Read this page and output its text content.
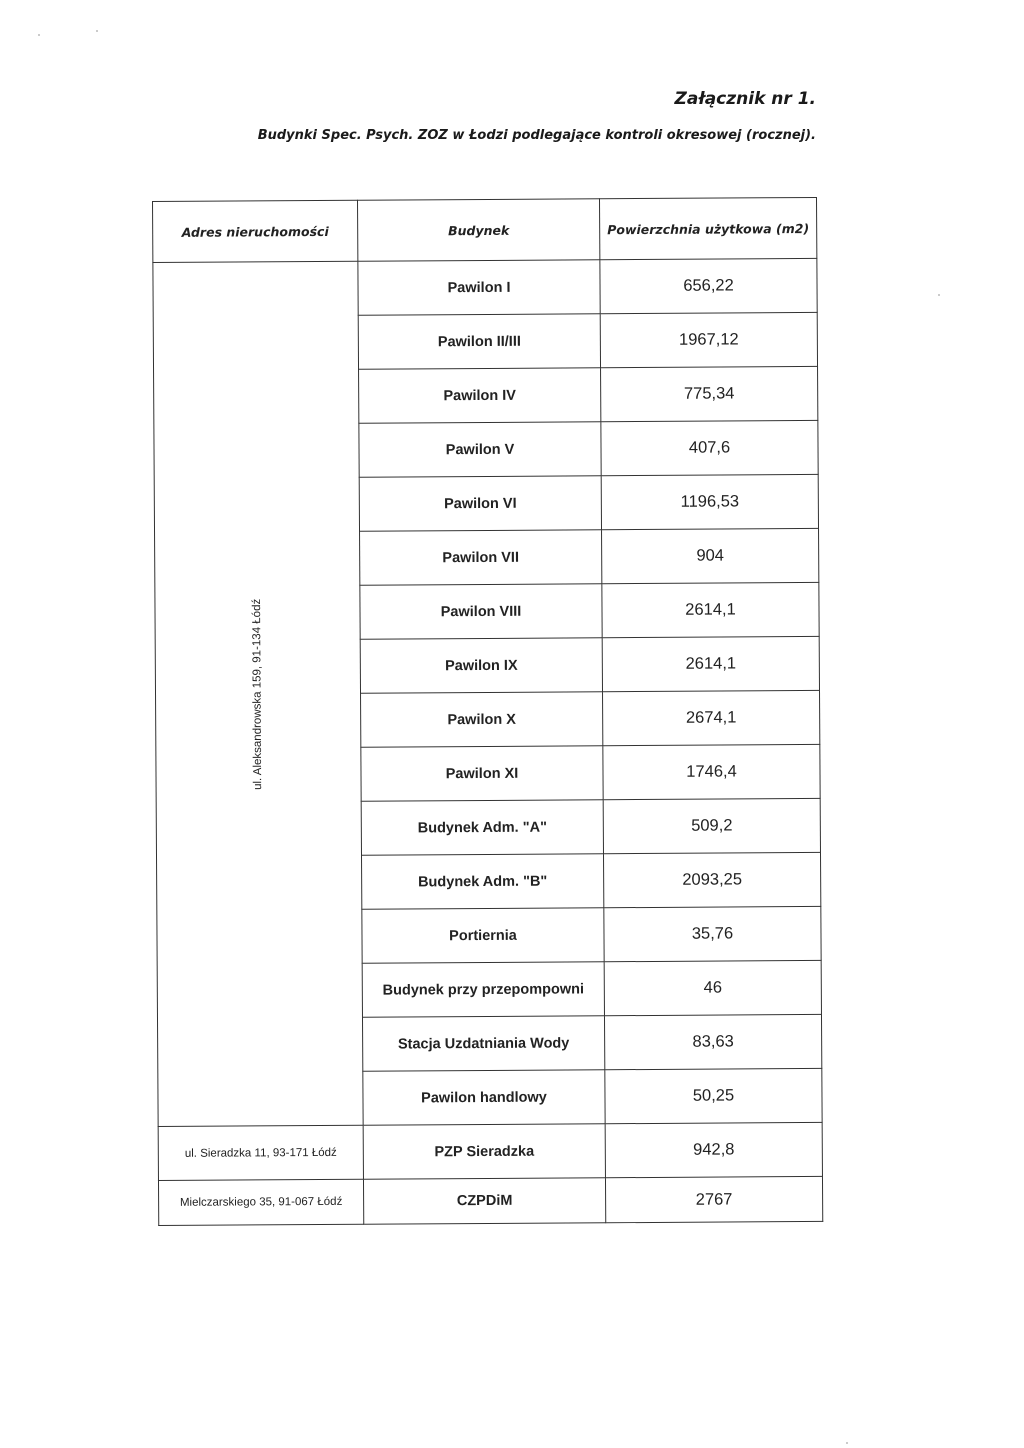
Załącznik nr 1.

Budynki Spec. Psych. ZOZ w Łodzi podlegające kontroli okresowej (rocznej).

Adres nieruchomości	Budynek	Powierzchnia użytkowa (m2)
ul. Aleksandrowska 159, 91-134 Łódź	Pawilon I	656,22
	Pawilon II/III	1967,12
	Pawilon IV	775,34
	Pawilon V	407,6
	Pawilon VI	1196,53
	Pawilon VII	904
	Pawilon VIII	2614,1
	Pawilon IX	2614,1
	Pawilon X	2674,1
	Pawilon XI	1746,4
	Budynek Adm. "A"	509,2
	Budynek Adm. "B"	2093,25
	Portiernia	35,76
	Budynek przy przepompowni	46
	Stacja Uzdatniania Wody	83,63
	Pawilon handlowy	50,25
ul. Sieradzka 11, 93-171 Łódź	PZP Sieradzka	942,8
Mielczarskiego 35, 91-067 Łódź	CZPDiM	2767
